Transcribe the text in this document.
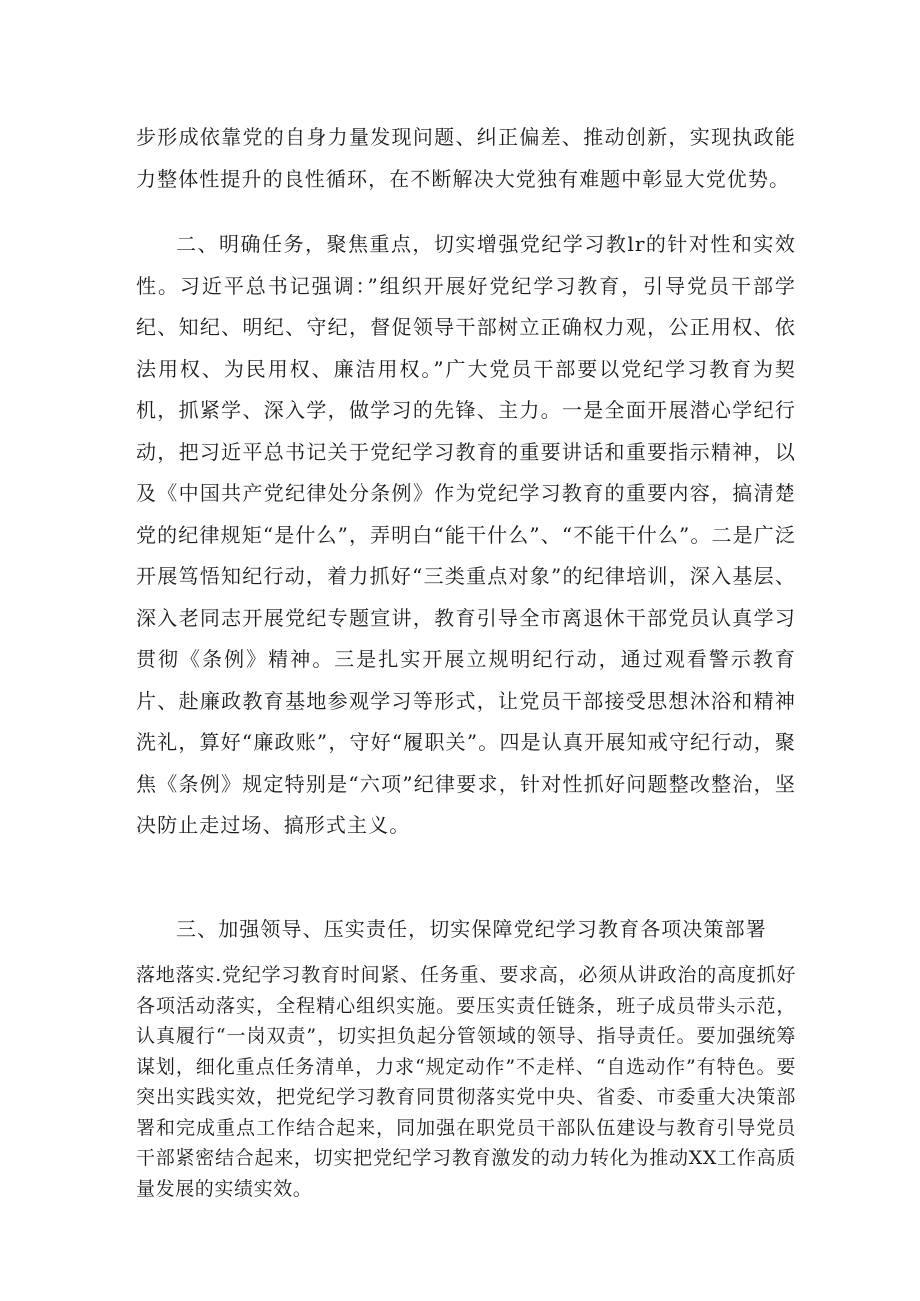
步形成依靠党的自身力量发现问题、纠正偏差、推动创新，实现执政能力整体性提升的良性循环，在不断解决大党独有难题中彰显大党优势。

二、明确任务，聚焦重点，切实增强党纪学习教lr的针对性和实效性。习近平总书记强调：”组织开展好党纪学习教育，引导党员干部学纪、知纪、明纪、守纪，督促领导干部树立正确权力观，公正用权、依法用权、为民用权、廉洁用权。”广大党员干部要以党纪学习教育为契机，抓紧学、深入学，做学习的先锋、主力。一是全面开展潜心学纪行动，把习近平总书记关于党纪学习教育的重要讲话和重要指示精神，以及《中国共产党纪律处分条例》作为党纪学习教育的重要内容，搞清楚党的纪律规矩“是什么”，弄明白“能干什么”、“不能干什么”。二是广泛开展笃悟知纪行动，着力抓好“三类重点对象”的纪律培训，深入基层、深入老同志开展党纪专题宣讲，教育引导全市离退休干部党员认真学习贯彻《条例》精神。三是扎实开展立规明纪行动，通过观看警示教育片、赴廉政教育基地参观学习等形式，让党员干部接受思想沐浴和精神洗礼，算好“廉政账”，守好“履职关”。四是认真开展知戒守纪行动，聚焦《条例》规定特别是“六项”纪律要求，针对性抓好问题整改整治，坚决防止走过场、搞形式主义。

三、加强领导、压实责任，切实保障党纪学习教育各项决策部署

落地落实.党纪学习教育时间紧、任务重、要求高，必须从讲政治的高度抓好各项活动落实，全程精心组织实施。要压实责任链条，班子成员带头示范，认真履行“一岗双责”，切实担负起分管领域的领导、指导责任。要加强统筹谋划，细化重点任务清单，力求“规定动作”不走样、“自选动作”有特色。要突出实践实效，把党纪学习教育同贯彻落实党中央、省委、市委重大决策部署和完成重点工作结合起来，同加强在职党员干部队伍建设与教育引导党员干部紧密结合起来，切实把党纪学习教育激发的动力转化为推动XX工作高质量发展的实绩实效。
